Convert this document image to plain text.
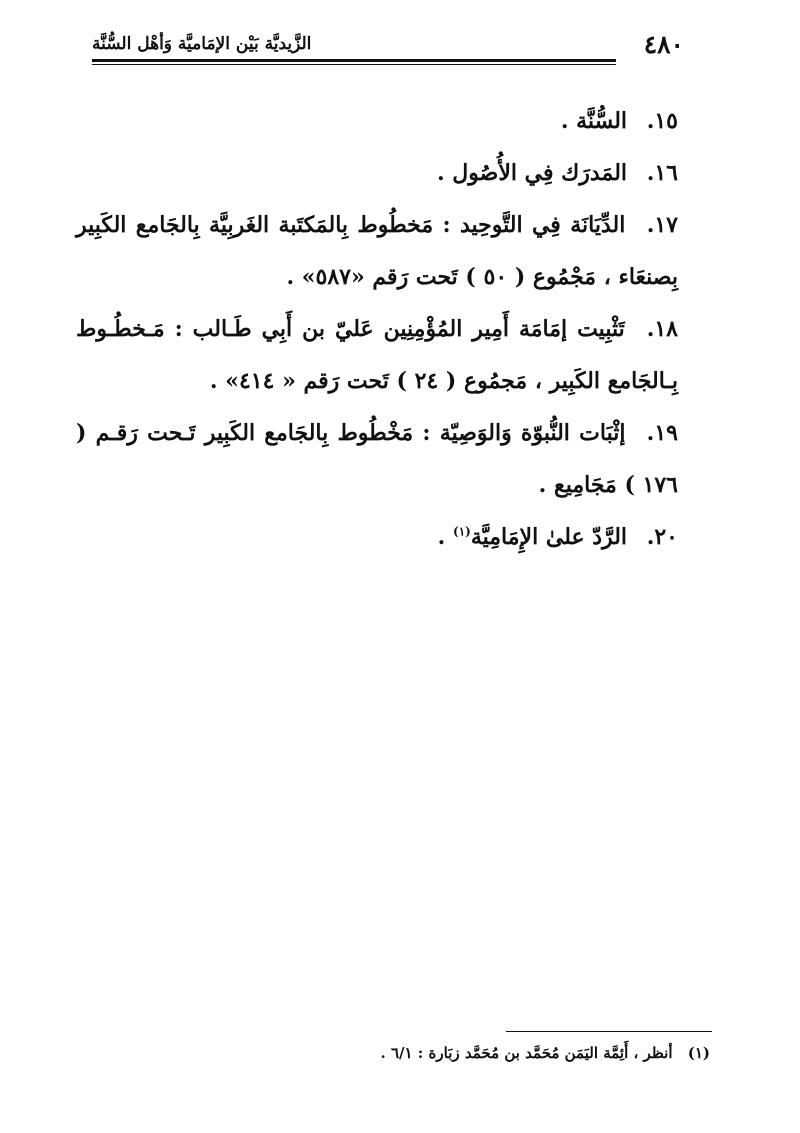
٤٨٠
الزَّيديَّة بَيْن الإمَاميَّة وَأهْل السُّنَّة
١٥. السُّنَّة .
١٦. المَدرَك فِي الأُصُول .
١٧. الدِّيَانَة فِي التَّوحِيد : مَخطُوط بِالمَكتَبة الغَربِيَّة بِالجَامع الكَبِير بِصنعَاء ، مَجْمُوع ( ٥٠ ) تَحت رَقم «٥٨٧» .
١٨. تَثْبِيت إمَامَة أَمِير المُؤْمِنِين عَليّ بن أَبِي طَـالب : مَـخطُـوط بِـالجَامع الكَبِير ، مَجمُوع ( ٢٤ ) تَحت رَقم « ٤١٤» .
١٩. إثْبَات النُّبوّة وَالوَصِيّة : مَخْطُوط بِالجَامع الكَبِير تَـحت رَقـم ( ١٧٦ ) مَجَامِيع .
٢٠. الرَّدّ علىٰ الإِمَامِيَّة$^{(١)}$ .
(١) أنظر ، أَئِمَّة اليَمَن مُحَمَّد بن مُحَمَّد زبَارة : ٦/١ .
